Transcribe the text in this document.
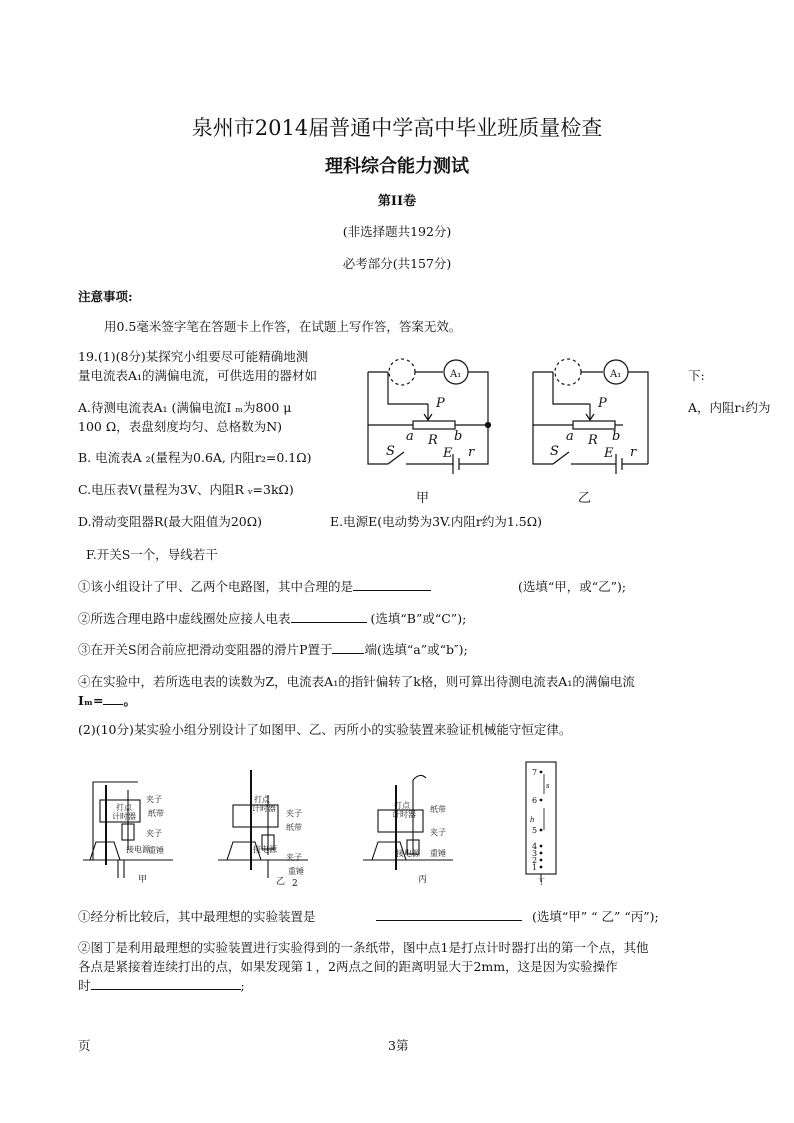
泉州市2014届普通中学高中毕业班质量检查
理科综合能力测试
第II卷
(非选择题共192分)
必考部分(共157分)
注意事项:
用0.5毫米签字笔在答题卡上作答，在试题上写作答，答案无效。
19.(1)(8分)某探究小组要尽可能精确地测
量电流表A₁的满偏电流，可供选用的器材如	下:
A.待测电流表A₁ (满偏电流I ₘ为800 μ	A，内阻r₁约为
100 Ω，表盘刻度均匀、总格数为N)
B. 电流表A ₂(量程为0.6A, 内阻r₂=0.1Ω)
C.电压表V(量程为3V、内阻R ᵥ=3kΩ)
D.滑动变阻器R(最大阻值为20Ω)	E.电源E(电动势为3V.内阻r约为1.5Ω)
F.开关S一个，导线若干
A₁
P
R
a	b
S	E r
甲
A₁
P
R
a	b
S	E r
乙
①该小组设计了甲、乙两个电路图，其中合理的是	(选填“甲，或“乙”);
②所选合理电路中虚线圈处应接人电表	(选填“B”或“C”);
③在开关S闭合前应把滑动变阻器的滑片P置于	端(选填“a”或“b″);
④在实验中，若所选电表的读数为Z，电流表A₁的指针偏转了k格，则可算出待测电流表A₁的满偏电流
Iₘ= 。
(2)(10分)某实验小组分别设计了如图甲、乙、丙所小的实验装置来验证机械能守恒定律。
夹子
打点
计时器 纸带
夹子
接电源
重锤
甲
打点
计时器
夹子
纸带
接电源
夹子
重锤
乙 2
打点
计时器
纸带
夹子
接电源 重锤
丙
7
6
5
4
3
2
1
s
h
丁
①经分析比较后，其中最理想的实验装置是	(选填“甲” “ 乙” “丙”);
②图丁是利用最理想的实验装置进行实验得到的一条纸带，图中点1是打点计时器打出的第一个点，其他
各点是紧接着连续打出的点，如果发现第１，2两点之间的距离明显大于2mm，这是因为实验操作
时	;
页	3第
